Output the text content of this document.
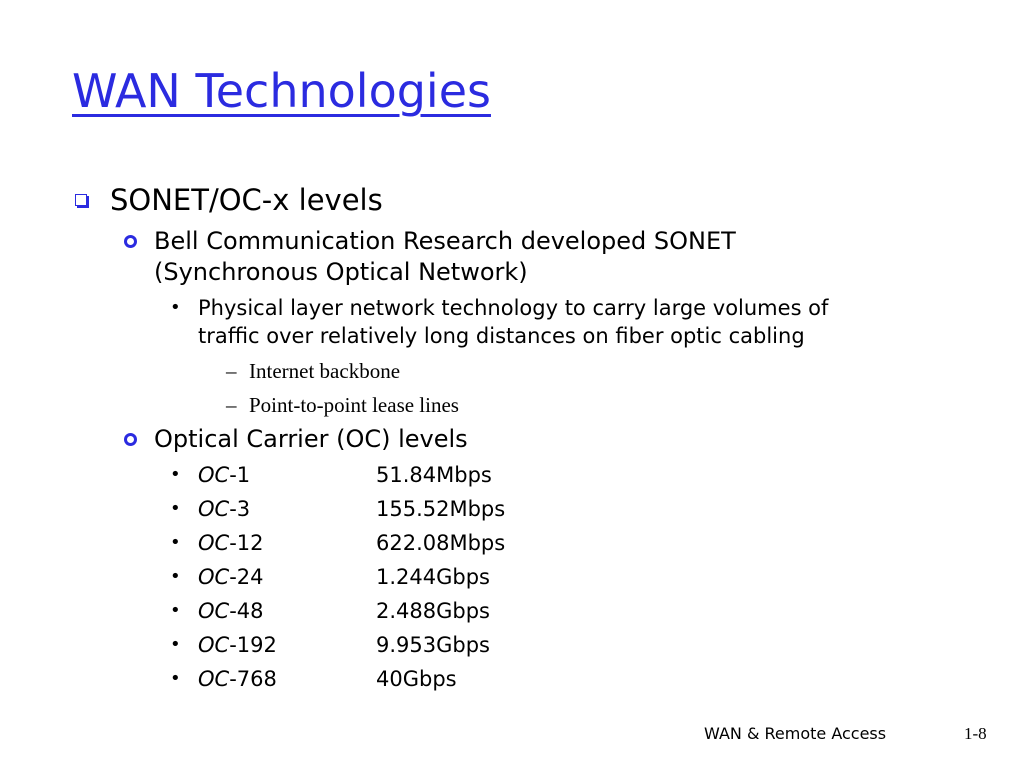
WAN Technologies
SONET/OC-x levels
Bell Communication Research developed SONET
(Synchronous Optical Network)
• Physical layer network technology to carry large volumes of
traffic over relatively long distances on fiber optic cabling
– Internet backbone
– Point-to-point lease lines
Optical Carrier (OC) levels
• OC-1	51.84Mbps
• OC-3	155.52Mbps
• OC-12	622.08Mbps
• OC-24	1.244Gbps
• OC-48	2.488Gbps
• OC-192	9.953Gbps
• OC-768	40Gbps
WAN & Remote Access	1-8
